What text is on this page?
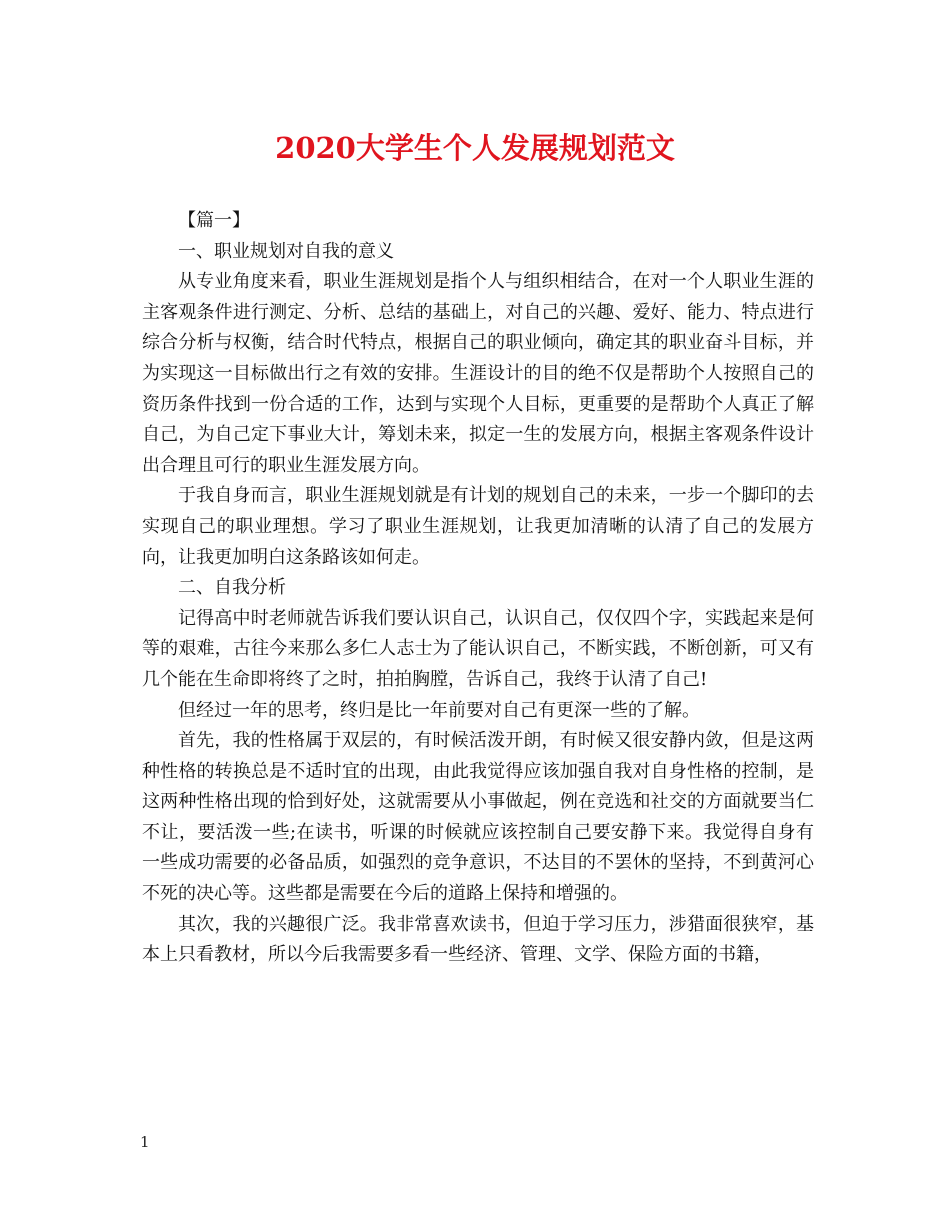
2020大学生个人发展规划范文

【篇一】

一、职业规划对自我的意义

从专业角度来看，职业生涯规划是指个人与组织相结合，在对一个人职业生涯的主客观条件进行测定、分析、总结的基础上，对自己的兴趣、爱好、能力、特点进行综合分析与权衡，结合时代特点，根据自己的职业倾向，确定其的职业奋斗目标，并为实现这一目标做出行之有效的安排。生涯设计的目的绝不仅是帮助个人按照自己的资历条件找到一份合适的工作，达到与实现个人目标，更重要的是帮助个人真正了解自己，为自己定下事业大计，筹划未来，拟定一生的发展方向，根据主客观条件设计出合理且可行的职业生涯发展方向。

于我自身而言，职业生涯规划就是有计划的规划自己的未来，一步一个脚印的去实现自己的职业理想。学习了职业生涯规划，让我更加清晰的认清了自己的发展方向，让我更加明白这条路该如何走。

二、自我分析

记得高中时老师就告诉我们要认识自己，认识自己，仅仅四个字，实践起来是何等的艰难，古往今来那么多仁人志士为了能认识自己，不断实践，不断创新，可又有几个能在生命即将终了之时，拍拍胸膛，告诉自己，我终于认清了自己!

但经过一年的思考，终归是比一年前要对自己有更深一些的了解。

首先，我的性格属于双层的，有时候活泼开朗，有时候又很安静内敛，但是这两种性格的转换总是不适时宜的出现，由此我觉得应该加强自我对自身性格的控制，是这两种性格出现的恰到好处，这就需要从小事做起，例在竞选和社交的方面就要当仁不让，要活泼一些;在读书，听课的时候就应该控制自己要安静下来。我觉得自身有一些成功需要的必备品质，如强烈的竞争意识，不达目的不罢休的坚持，不到黄河心不死的决心等。这些都是需要在今后的道路上保持和增强的。

其次，我的兴趣很广泛。我非常喜欢读书，但迫于学习压力，涉猎面很狭窄，基本上只看教材，所以今后我需要多看一些经济、管理、文学、保险方面的书籍，

1
